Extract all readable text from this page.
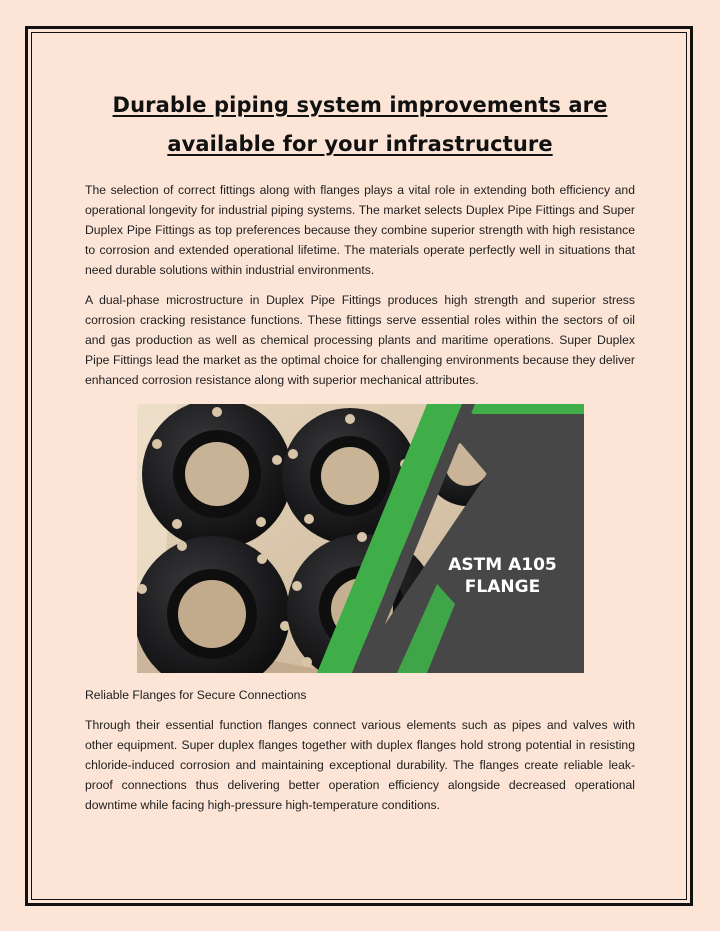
Durable piping system improvements are
available for your infrastructure

The selection of correct fittings along with flanges plays a vital role in extending both efficiency and operational longevity for industrial piping systems. The market selects Duplex Pipe Fittings and Super Duplex Pipe Fittings as top preferences because they combine superior strength with high resistance to corrosion and extended operational lifetime. The materials operate perfectly well in situations that need durable solutions within industrial environments.

A dual-phase microstructure in Duplex Pipe Fittings produces high strength and superior stress corrosion cracking resistance functions. These fittings serve essential roles within the sectors of oil and gas production as well as chemical processing plants and maritime operations. Super Duplex Pipe Fittings lead the market as the optimal choice for challenging environments because they deliver enhanced corrosion resistance along with superior mechanical attributes.

ASTM A105
FLANGE

Reliable Flanges for Secure Connections

Through their essential function flanges connect various elements such as pipes and valves with other equipment. Super duplex flanges together with duplex flanges hold strong potential in resisting chloride-induced corrosion and maintaining exceptional durability. The flanges create reliable leak-proof connections thus delivering better operation efficiency alongside decreased operational downtime while facing high-pressure high-temperature conditions.
